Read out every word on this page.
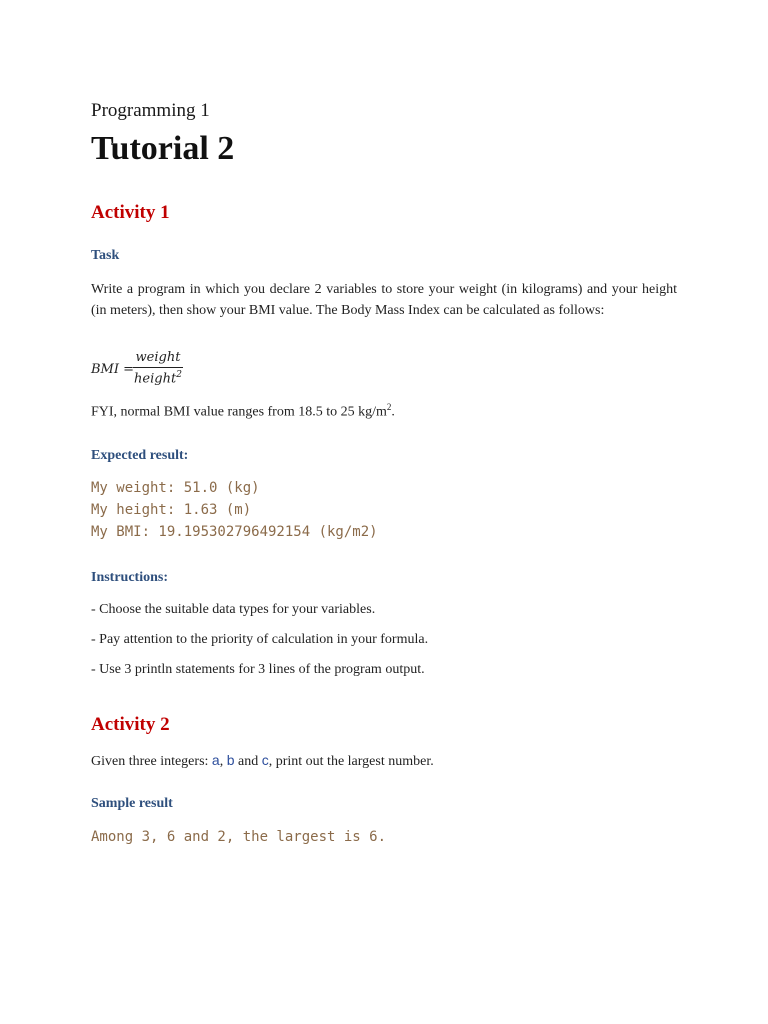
Programming 1
Tutorial 2
Activity 1
Task
Write a program in which you declare 2 variables to store your weight (in kilograms) and your height (in meters), then show your BMI value. The Body Mass Index can be calculated as follows:
BMI =
weight
height$^2$
FYI, normal BMI value ranges from 18.5 to 25 $kg/m^2$.
Expected result:
My weight: 51.0 (kg)
My height: 1.63 (m)
My BMI: 19.195302796492154 (kg/m2)
Instructions:
- Choose the suitable data types for your variables.
- Pay attention to the priority of calculation in your formula.
- Use 3 println statements for 3 lines of the program output.
Activity 2
Given three integers: a, b and c, print out the largest number.
Sample result
Among 3, 6 and 2, the largest is 6.
